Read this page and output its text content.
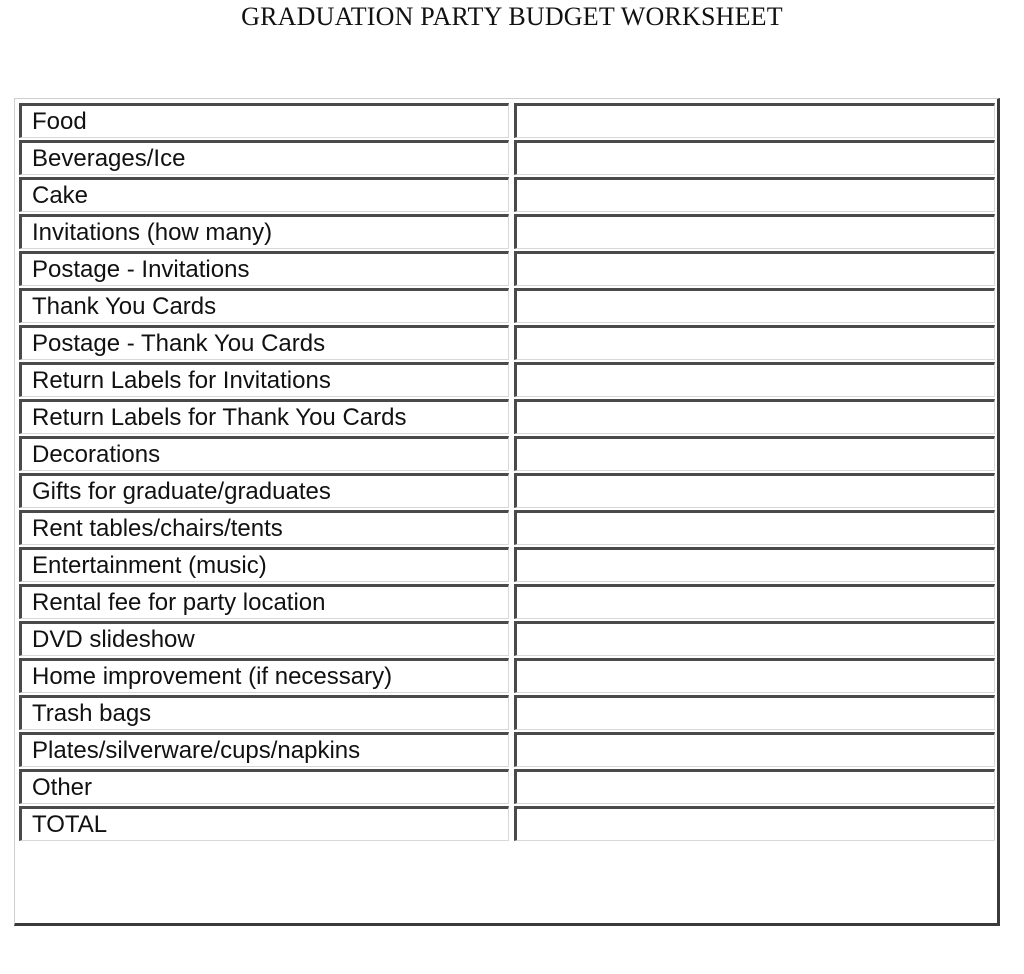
GRADUATION PARTY BUDGET WORKSHEET
Food		
Beverages/Ice		
Cake		
Invitations (how many)		
Postage - Invitations		
Thank You Cards		
Postage - Thank You Cards		
Return Labels for Invitations		
Return Labels for Thank You Cards		
Decorations		
Gifts for graduate/graduates		
Rent tables/chairs/tents		
Entertainment (music)		
Rental fee for party location		
DVD slideshow		
Home improvement (if necessary)		
Trash bags		
Plates/silverware/cups/napkins		
Other		
TOTAL		
